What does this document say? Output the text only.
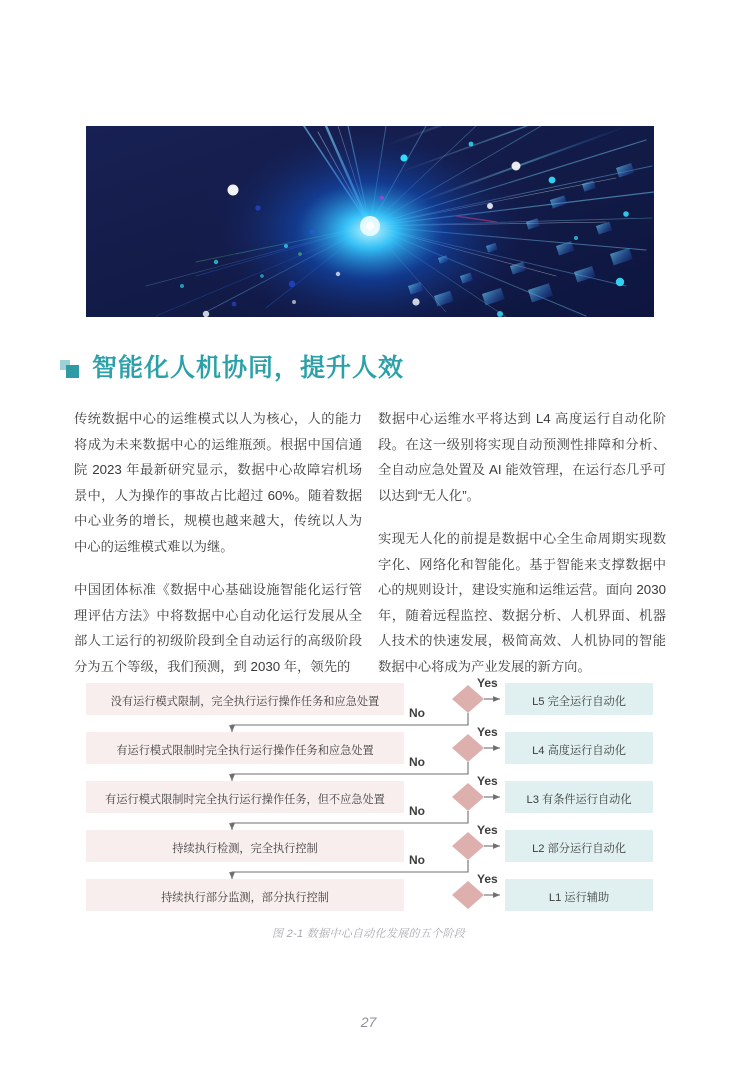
智能化人机协同，提升人效

传统数据中心的运维模式以人为核心，人的能力将成为未来数据中心的运维瓶颈。根据中国信通院 2023 年最新研究显示，数据中心故障宕机场景中，人为操作的事故占比超过 60%。随着数据中心业务的增长，规模也越来越大，传统以人为中心的运维模式难以为继。

中国团体标准《数据中心基础设施智能化运行管理评估方法》中将数据中心自动化运行发展从全部人工运行的初级阶段到全自动运行的高级阶段分为五个等级，我们预测，到 2030 年，领先的

数据中心运维水平将达到 L4 高度运行自动化阶段。在这一级别将实现自动预测性排障和分析、全自动应急处置及 AI 能效管理，在运行态几乎可以达到“无人化”。

实现无人化的前提是数据中心全生命周期实现数字化、网络化和智能化。基于智能来支撑数据中心的规则设计，建设实施和运维运营。面向 2030 年，随着远程监控、数据分析、人机界面、机器人技术的快速发展，极简高效、人机协同的智能数据中心将成为产业发展的新方向。

没有运行模式限制，完全执行运行操作任务和应急处置
有运行模式限制时完全执行运行操作任务和应急处置
有运行模式限制时完全执行运行操作任务，但不应急处置
持续执行检测，完全执行控制
持续执行部分监测，部分执行控制
L5 完全运行自动化
L4 高度运行自动化
L3 有条件运行自动化
L2 部分运行自动化
L1 运行辅助
Yes
Yes
Yes
Yes
Yes
No
No
No
No
图 2-1 数据中心自动化发展的五个阶段
27
